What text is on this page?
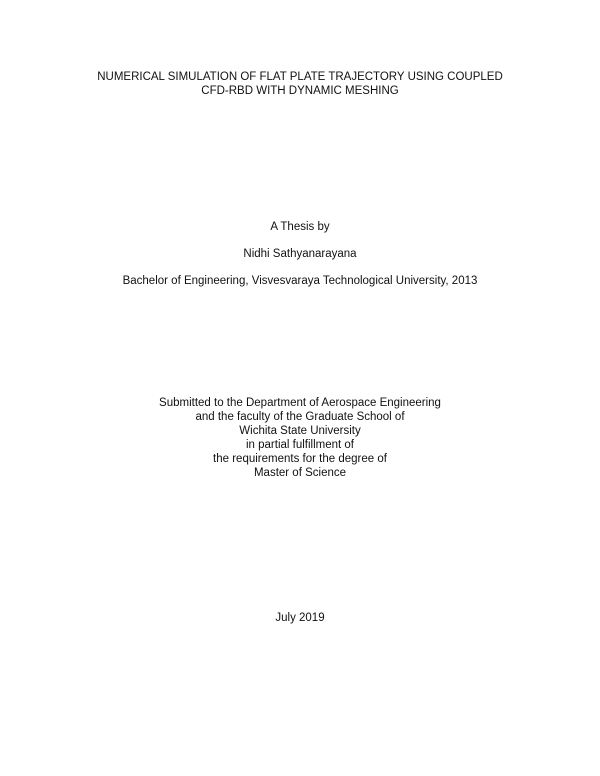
NUMERICAL SIMULATION OF FLAT PLATE TRAJECTORY USING COUPLED
CFD-RBD WITH DYNAMIC MESHING
A Thesis by
Nidhi Sathyanarayana
Bachelor of Engineering, Visvesvaraya Technological University, 2013
Submitted to the Department of Aerospace Engineering
and the faculty of the Graduate School of
Wichita State University
in partial fulfillment of
the requirements for the degree of
Master of Science
July 2019
